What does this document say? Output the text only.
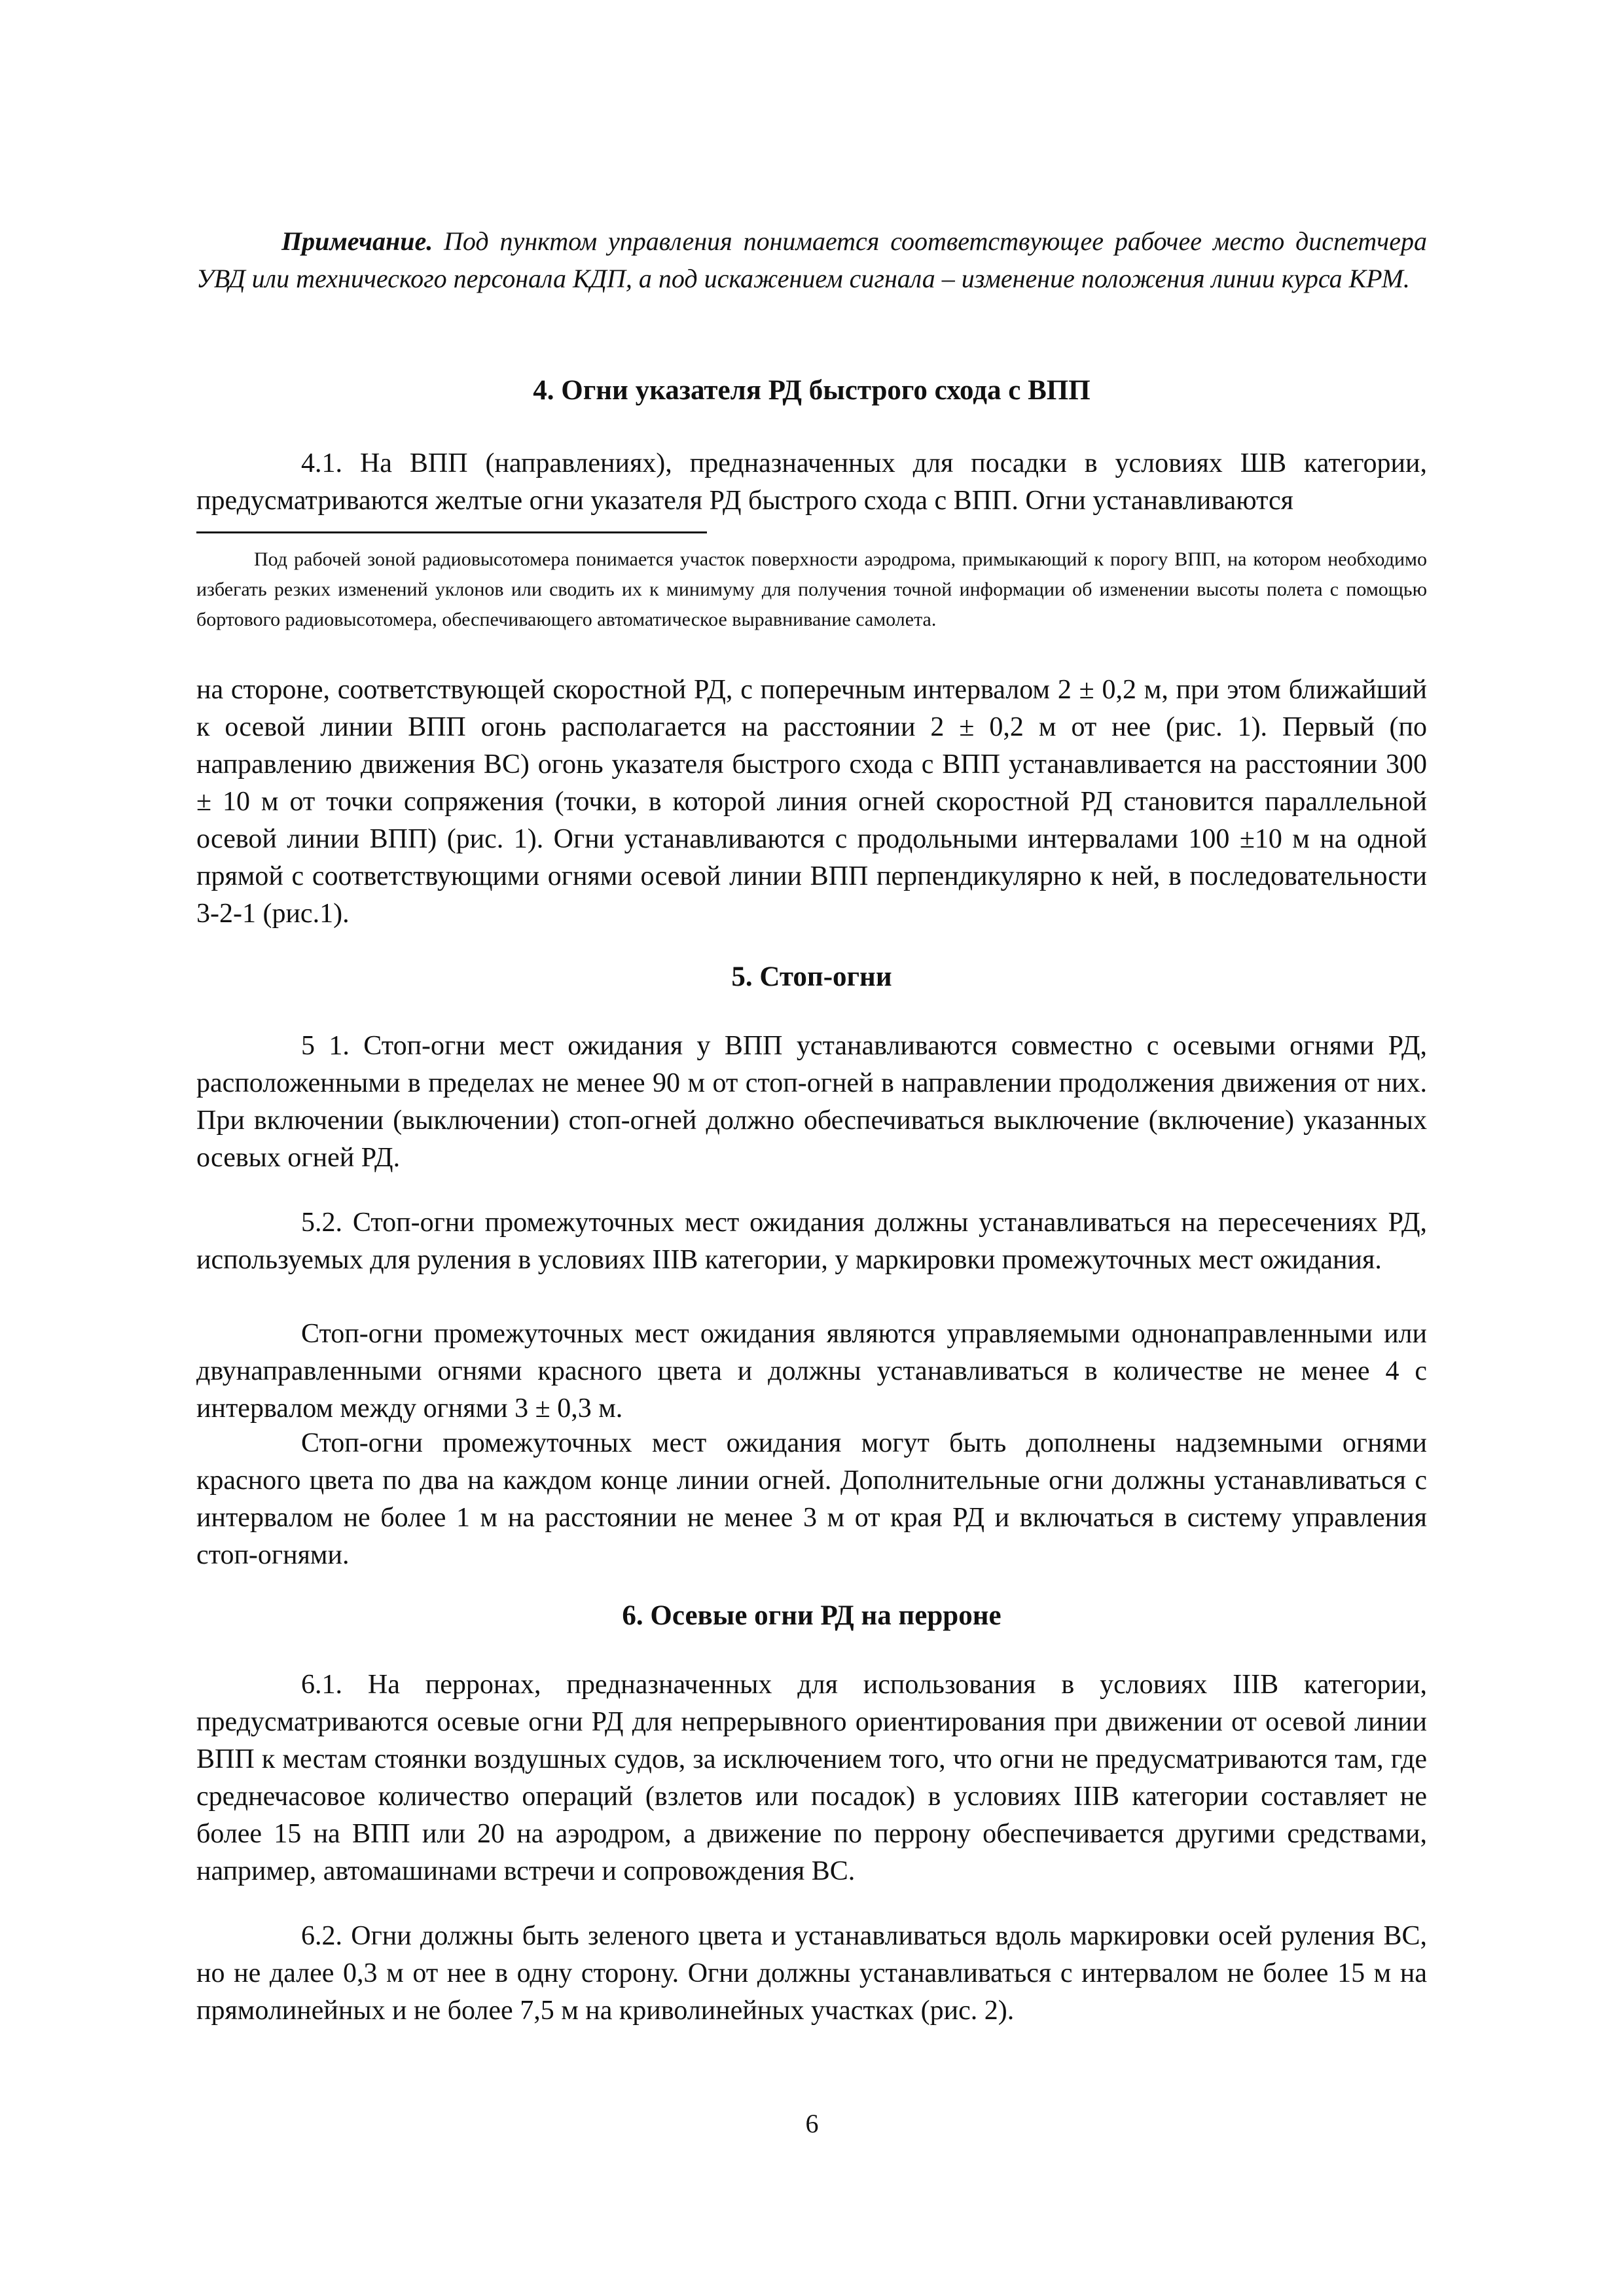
Примечание. Под пунктом управления понимается соответствующее рабочее место диспетчера УВД или технического персонала КДП, а под искажением сигнала – изменение положения линии курса КРМ.

4. Огни указателя РД быстрого схода с ВПП

4.1. На ВПП (направлениях), предназначенных для посадки в условиях ШВ категории, предусматриваются желтые огни указателя РД быстрого схода с ВПП. Огни устанавливаются

Под рабочей зоной радиовысотомера понимается участок поверхности аэродрома, примыкающий к порогу ВПП, на котором необходимо избегать резких изменений уклонов или сводить их к минимуму для получения точной информации об изменении высоты полета с помощью бортового радиовысотомера, обеспечивающего автоматическое выравнивание самолета.

на стороне, соответствующей скоростной РД, с поперечным интервалом 2 ± 0,2 м, при этом ближайший к осевой линии ВПП огонь располагается на расстоянии 2 ± 0,2 м от нее (рис. 1). Первый (по направлению движения ВС) огонь указателя быстрого схода с ВПП устанавливается на расстоянии 300 ± 10 м от точки сопряжения (точки, в которой линия огней скоростной РД становится параллельной осевой линии ВПП) (рис. 1). Огни устанавливаются с продольными интервалами 100 ±10 м на одной прямой с соответствующими огнями осевой линии ВПП перпендикулярно к ней, в последовательности 3-2-1 (рис.1).

5. Стоп-огни

5 1. Стоп-огни мест ожидания у ВПП устанавливаются совместно с осевыми огнями РД, расположенными в пределах не менее 90 м от стоп-огней в направлении продолжения движения от них. При включении (выключении) стоп-огней должно обеспечиваться выключение (включение) указанных осевых огней РД.

5.2. Стоп-огни промежуточных мест ожидания должны устанавливаться на пересечениях РД, используемых для руления в условиях IIIВ категории, у маркировки промежуточных мест ожидания.

Стоп-огни промежуточных мест ожидания являются управляемыми однонаправленными или двунаправленными огнями красного цвета и должны устанавливаться в количестве не менее 4 с интервалом между огнями 3 ± 0,3 м.

Стоп-огни промежуточных мест ожидания могут быть дополнены надземными огнями красного цвета по два на каждом конце линии огней. Дополнительные огни должны устанавливаться с интервалом не более 1 м на расстоянии не менее 3 м от края РД и включаться в систему управления стоп-огнями.

6. Осевые огни РД на перроне

6.1. На перронах, предназначенных для использования в условиях IIIВ категории, предусматриваются осевые огни РД для непрерывного ориентирования при движении от осевой линии ВПП к местам стоянки воздушных судов, за исключением того, что огни не предусматриваются там, где среднечасовое количество операций (взлетов или посадок) в условиях IIIВ категории составляет не более 15 на ВПП или 20 на аэродром, а движение по перрону обеспечивается другими средствами, например, автомашинами встречи и сопровождения ВС.

6.2. Огни должны быть зеленого цвета и устанавливаться вдоль маркировки осей руления ВС, но не далее 0,3 м от нее в одну сторону. Огни должны устанавливаться с интервалом не более 15 м на прямолинейных и не более 7,5 м на криволинейных участках (рис. 2).

6
